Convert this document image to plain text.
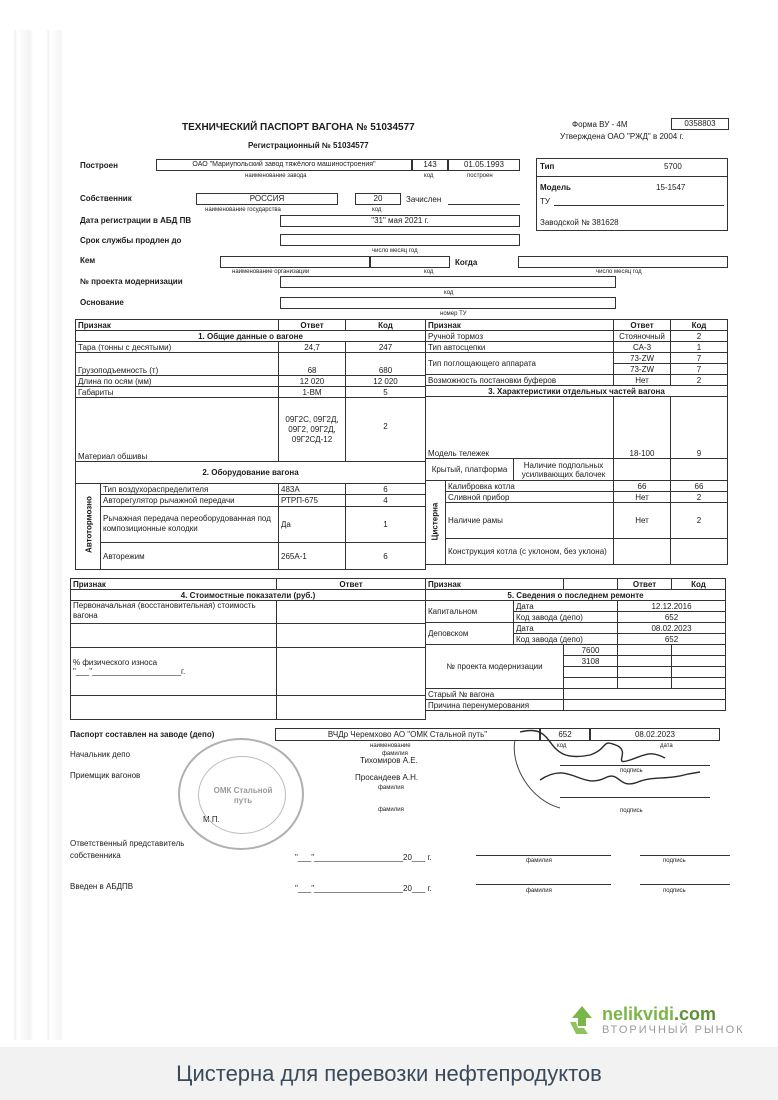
ТЕХНИЧЕСКИЙ ПАСПОРТ ВАГОНА № 51034577
Регистрационный № 51034577
Форма ВУ - 4М	0358803
Утверждена ОАО "РЖД" в 2004 г.
Построен	ОАО "Мариупольский завод тяжёлого машиностроения"	143	01.05.1993
наименование завода	код	построен
Собственник	РОССИЯ	20	Зачислен
наименование государства	код
Дата регистрации в АБД ПВ	"31" мая 2021 г.
Срок службы продлен до
число месяц год
Кем	Когда
наименование организации	код	число месяц год
№ проекта модернизации
код
Основание
номер ТУ
Тип	5700
Модель	15-1547
ТУ
Заводской № 381628
Признак		Ответ	Код
1. Общие данные о вагоне			
Тара (тонны с десятыми)		24,7	247
Грузоподъемность (т)		68	680
Длина по осям (мм)		12 020	12 020
Габариты		1-ВМ	5
Материал обшивы		09Г2С, 09Г2Д, 09Г2, 09Г2Д, 09Г2СД-12	2
2. Оборудование вагона			

Автотормозно	Тип воздухораспределителя	483А	6
	Авторегулятор рычажной передачи	РТРП-675	4
	Рычажная передача переоборудованная под композиционные колодки	Да	1
	Авторежим	265А-1	6
Признак			Ответ	Код
Ручной тормоз			Стояночный	2
Тип автосцепки			СА-3	1
Тип поглощающего аппарата			73-ZW	7
			73-ZW	7
Возможность постановки буферов			Нет	2
3. Характеристики отдельных частей вагона				
Модель тележек			18-100	9
Крытый, платформа		Наличие подпольных усиливающих балочек		

Цистерна	Калибровка котла		66	66
	Сливной прибор		Нет	2
	Наличие рамы		Нет	2
	Конструкция котла (с уклоном, без уклона)			
Признак	Ответ
4. Стоимостные показатели (руб.)	
Первоначальная (восстановительная) стоимость вагона	

% физического износа
"___"____________________г.	

Признак			Ответ	Код
5. Сведения о последнем ремонте				
Капитальном	Дата		12.12.2016	
	Код завода (депо)		652	
Деповском	Дата		08.02.2023	
	Код завода (депо)		652	
№ проекта модернизации		7600		
		3108		

Старый № вагона				
Причина перенумерования				
Паспорт составлен на заводе (депо)	ВЧДр Черемхово АО "ОМК Стальной путь"	652	08.02.2023
наименование	код	дата
Начальник депо	фамилия
Тихомиров А.Е.
подпись
Приемщик вагонов	Просандеев А.Н.
фамилия
фамилия	подпись
М.П.
ОМК Стальной путь
Ответственный представитель собственника	"___"____________________20___ г.	фамилия	подпись
Введен в АБДПВ	"___"____________________20___ г.	фамилия	подпись
nelikvidi.com
ВТОРИЧНЫЙ РЫНОК
Цистерна для перевозки нефтепродуктов
